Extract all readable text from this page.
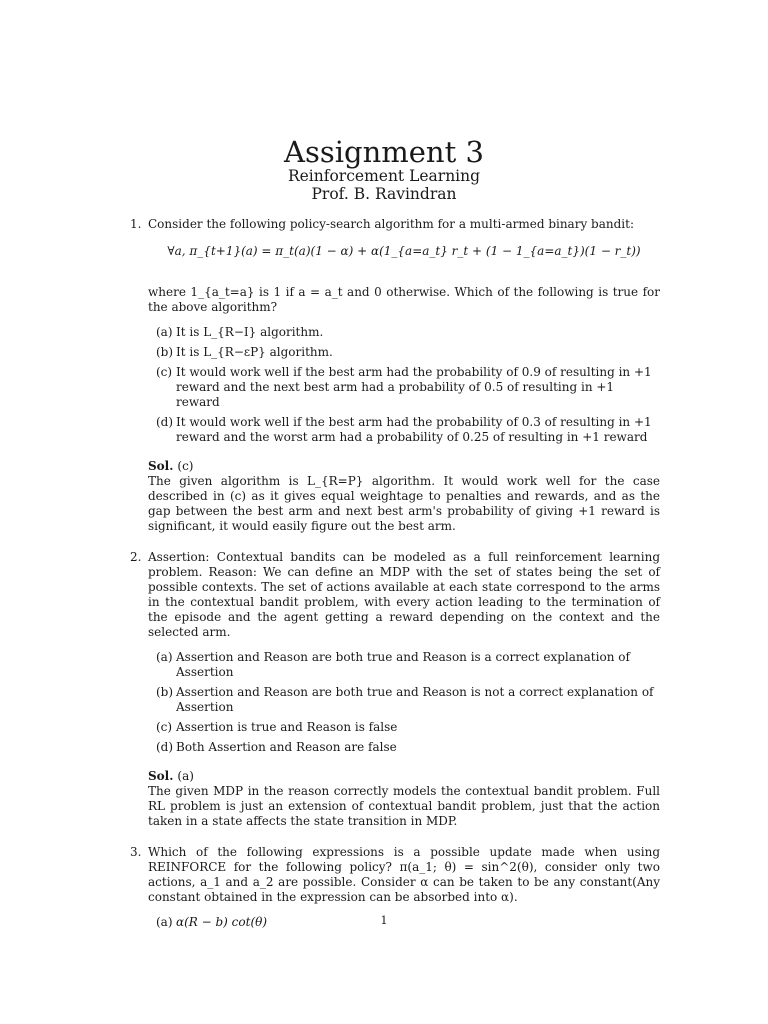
Assignment 3
Reinforcement Learning
Prof. B. Ravindran
1. Consider the following policy-search algorithm for a multi-armed binary bandit:
∀a, π_{t+1}(a) = π_t(a)(1 − α) + α(1_{a=a_t} r_t + (1 − 1_{a=a_t})(1 − r_t))
where 1_{a_t=a} is 1 if a = a_t and 0 otherwise. Which of the following is true for the above algorithm?
(a) It is L_{R−I} algorithm.
(b) It is L_{R−εP} algorithm.
(c) It would work well if the best arm had the probability of 0.9 of resulting in +1 reward and the next best arm had a probability of 0.5 of resulting in +1 reward
(d) It would work well if the best arm had the probability of 0.3 of resulting in +1 reward and the worst arm had a probability of 0.25 of resulting in +1 reward
Sol. (c)
The given algorithm is L_{R=P} algorithm. It would work well for the case described in (c) as it gives equal weightage to penalties and rewards, and as the gap between the best arm and next best arm's probability of giving +1 reward is significant, it would easily figure out the best arm.
2. Assertion: Contextual bandits can be modeled as a full reinforcement learning problem. Reason: We can define an MDP with the set of states being the set of possible contexts. The set of actions available at each state correspond to the arms in the contextual bandit problem, with every action leading to the termination of the episode and the agent getting a reward depending on the context and the selected arm.
(a) Assertion and Reason are both true and Reason is a correct explanation of Assertion
(b) Assertion and Reason are both true and Reason is not a correct explanation of Assertion
(c) Assertion is true and Reason is false
(d) Both Assertion and Reason are false
Sol. (a)
The given MDP in the reason correctly models the contextual bandit problem. Full RL problem is just an extension of contextual bandit problem, just that the action taken in a state affects the state transition in MDP.
3. Which of the following expressions is a possible update made when using REINFORCE for the following policy? π(a_1; θ) = sin^2(θ), consider only two actions, a_1 and a_2 are possible. Consider α can be taken to be any constant(Any constant obtained in the expression can be absorbed into α).
(a) α(R − b) cot(θ)	1
